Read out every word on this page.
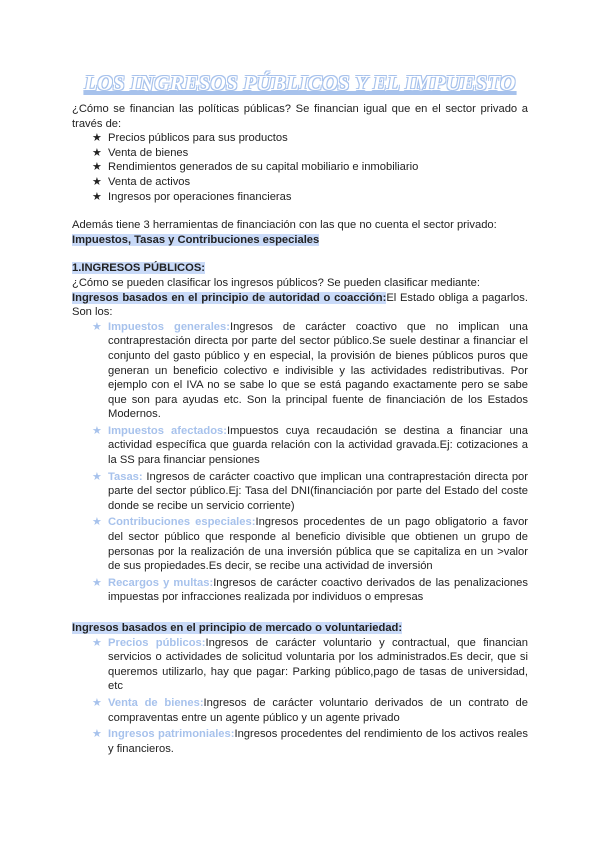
LOS INGRESOS PÚBLICOS Y EL IMPUESTO

¿Cómo se financian las políticas públicas? Se financian igual que en el sector privado a través de:

★ Precios públicos para sus productos
★ Venta de bienes
★ Rendimientos generados de su capital mobiliario e inmobiliario
★ Venta de activos
★ Ingresos por operaciones financieras

Además tiene 3 herramientas de financiación con las que no cuenta el sector privado:

Impuestos, Tasas y Contribuciones especiales

1.INGRESOS PÚBLICOS:

¿Cómo se pueden clasificar los ingresos públicos? Se pueden clasificar mediante:

Ingresos basados en el principio de autoridad o coacción:El Estado obliga a pagarlos. Son los:

★ Impuestos generales:Ingresos de carácter coactivo que no implican una contraprestación directa por parte del sector público.Se suele destinar a financiar el conjunto del gasto público y en especial, la provisión de bienes públicos puros que generan un beneficio colectivo e indivisible y las actividades redistributivas. Por ejemplo con el IVA no se sabe lo que se está pagando exactamente pero se sabe que son para ayudas etc. Son la principal fuente de financiación de los Estados Modernos.
★ Impuestos afectados:Impuestos cuya recaudación se destina a financiar una actividad específica que guarda relación con la actividad gravada.Ej: cotizaciones a la SS para financiar pensiones
★ Tasas: Ingresos de carácter coactivo que implican una contraprestación directa por parte del sector público.Ej: Tasa del DNI(financiación por parte del Estado del coste donde se recibe un servicio corriente)
★ Contribuciones especiales:Ingresos procedentes de un pago obligatorio a favor del sector público que responde al beneficio divisible que obtienen un grupo de personas por la realización de una inversión pública que se capitaliza en un >valor de sus propiedades.Es decir, se recibe una actividad de inversión
★ Recargos y multas:Ingresos de carácter coactivo derivados de las penalizaciones impuestas por infracciones realizada por individuos o empresas

Ingresos basados en el principio de mercado o voluntariedad:

★ Precios públicos:Ingresos de carácter voluntario y contractual, que financian servicios o actividades de solicitud voluntaria por los administrados.Es decir, que si queremos utilizarlo, hay que pagar: Parking público,pago de tasas de universidad, etc
★ Venta de bienes:Ingresos de carácter voluntario derivados de un contrato de compraventas entre un agente público y un agente privado
★ Ingresos patrimoniales:Ingresos procedentes del rendimiento de los activos reales y financieros.
